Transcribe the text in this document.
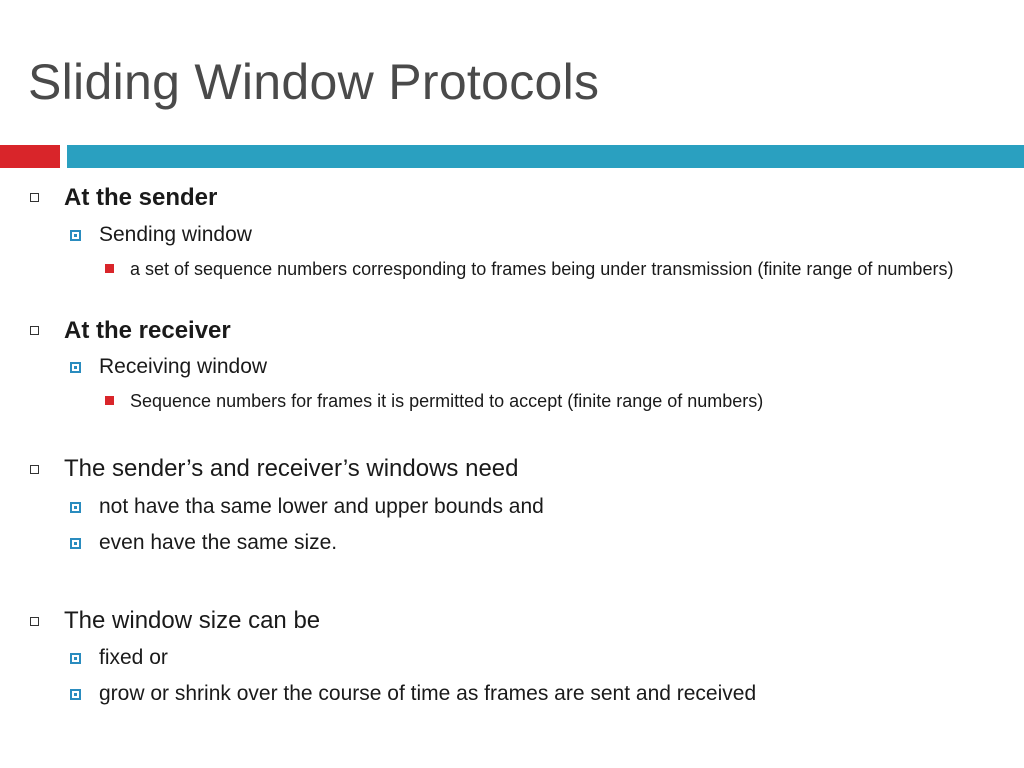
Sliding Window Protocols
At the sender
Sending window
a set of sequence numbers corresponding to frames being under transmission (finite range of numbers)
At the receiver
Receiving window
Sequence numbers for frames it is permitted to accept (finite range of numbers)
The sender’s and receiver’s windows need
not have tha same lower and upper bounds and
even have the same size.
The window size can be
fixed or
grow or shrink over the course of time as frames are sent and received
